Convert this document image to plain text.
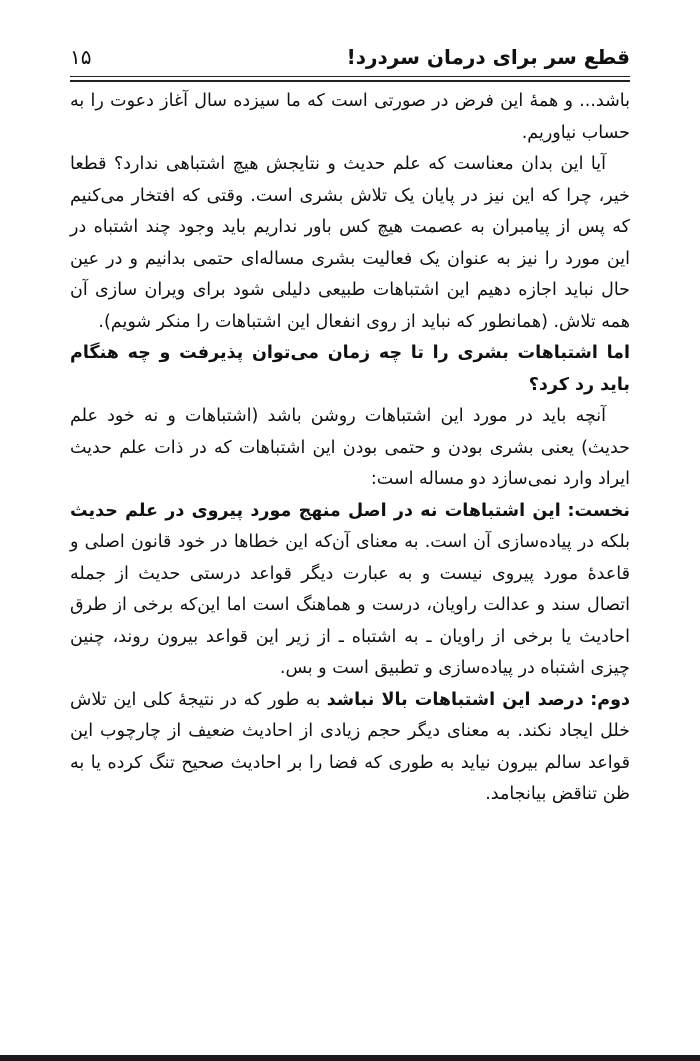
قطع سر برای درمان سردرد!
۱۵

باشد... و همۀ این فرض در صورتی است که ما سیزده سال آغاز دعوت را به حساب نیاوریم.

آیا این بدان معناست که علم حدیث و نتایجش هیچ اشتباهی ندارد؟ قطعا خیر، چرا که این نیز در پایان یک تلاش بشری است. وقتی که افتخار می‌کنیم که پس از پیامبران به عصمت هیچ کس باور نداریم باید وجود چند اشتباه در این مورد را نیز به عنوان یک فعالیت بشری مساله‌ای حتمی بدانیم و در عین حال نباید اجازه دهیم این اشتباهات طبیعی دلیلی شود برای ویران سازی آن همه تلاش. (همانطور که نباید از روی انفعال این اشتباهات را منکر شویم).

اما اشتباهات بشری را تا چه زمان می‌توان پذیرفت و چه هنگام باید رد کرد؟

آنچه باید در مورد این اشتباهات روشن باشد (اشتباهات و نه خود علم حدیث) یعنی بشری بودن و حتمی بودن این اشتباهات که در ذات علم حدیث ایراد وارد نمی‌سازد دو مساله است:

نخست: این اشتباهات نه در اصل منهج مورد پیروی در علم حدیث بلکه در پیاده‌سازی آن است. به معنای آن‌که این خطاها در خود قانون اصلی و قاعدۀ مورد پیروی نیست و به عبارت دیگر قواعد درستی حدیث از جمله اتصال سند و عدالت راویان، درست و هماهنگ است اما این‌که برخی از طرق احادیث یا برخی از راویان ـ به اشتباه ـ از زیر این قواعد بیرون روند، چنین چیزی اشتباه در پیاده‌سازی و تطبیق است و بس.

دوم: درصد این اشتباهات بالا نباشد به طور که در نتیجۀ کلی این تلاش خلل ایجاد نکند. به معنای دیگر حجم زیادی از احادیث ضعیف از چارچوب این قواعد سالم بیرون نیاید به طوری که فضا را بر احادیث صحیح تنگ کرده یا به ظن تناقض بیانجامد.
